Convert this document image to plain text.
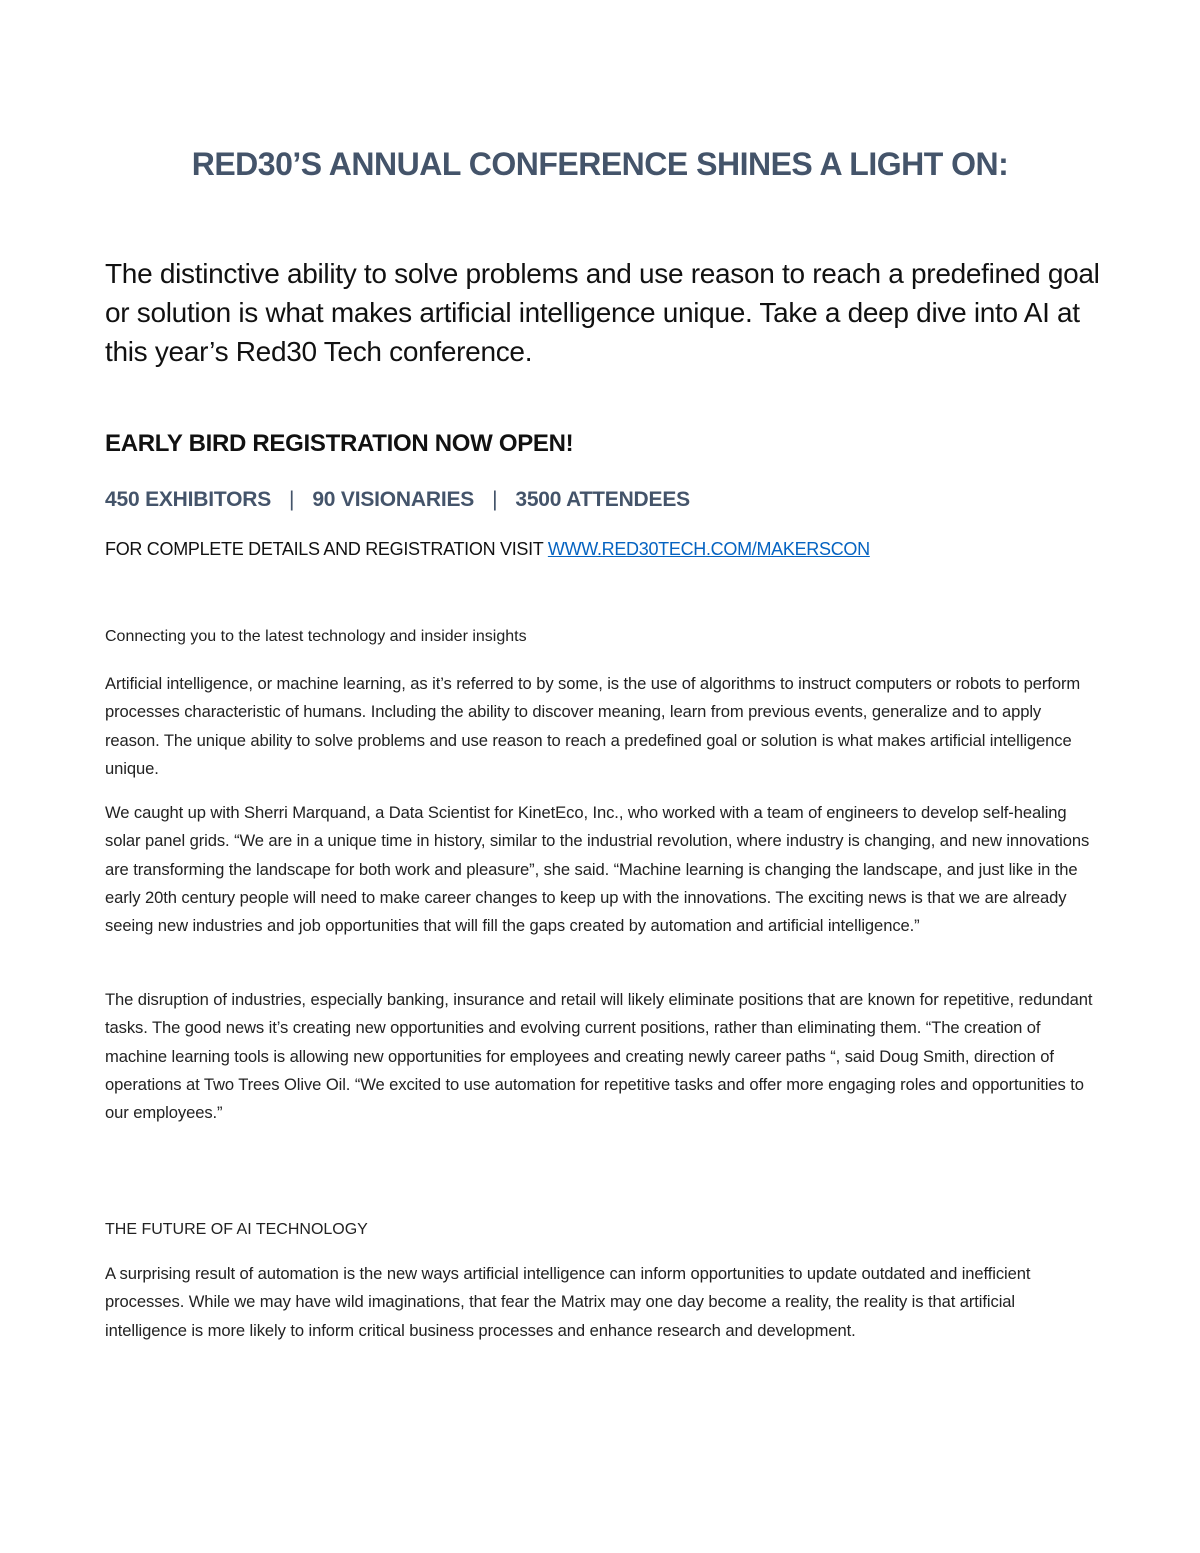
RED30’S ANNUAL CONFERENCE SHINES A LIGHT ON:
The distinctive ability to solve problems and use reason to reach a predefined goal or solution is what makes artificial intelligence unique. Take a deep dive into AI at this year’s Red30 Tech conference.
EARLY BIRD REGISTRATION NOW OPEN!
450 EXHIBITORS | 90 VISIONARIES | 3500 ATTENDEES
FOR COMPLETE DETAILS AND REGISTRATION VISIT WWW.RED30TECH.COM/MAKERSCON
Connecting you to the latest technology and insider insights
Artificial intelligence, or machine learning, as it’s referred to by some, is the use of algorithms to instruct computers or robots to perform processes characteristic of humans. Including the ability to discover meaning, learn from previous events, generalize and to apply reason. The unique ability to solve problems and use reason to reach a predefined goal or solution is what makes artificial intelligence unique.
We caught up with Sherri Marquand, a Data Scientist for KinetEco, Inc., who worked with a team of engineers to develop self-healing solar panel grids. “We are in a unique time in history, similar to the industrial revolution, where industry is changing, and new innovations are transforming the landscape for both work and pleasure”, she said. “Machine learning is changing the landscape, and just like in the early 20th century people will need to make career changes to keep up with the innovations. The exciting news is that we are already seeing new industries and job opportunities that will fill the gaps created by automation and artificial intelligence.”
The disruption of industries, especially banking, insurance and retail will likely eliminate positions that are known for repetitive, redundant tasks. The good news it’s creating new opportunities and evolving current positions, rather than eliminating them. “The creation of machine learning tools is allowing new opportunities for employees and creating newly career paths “, said Doug Smith, direction of operations at Two Trees Olive Oil. “We excited to use automation for repetitive tasks and offer more engaging roles and opportunities to our employees.”
THE FUTURE OF AI TECHNOLOGY
A surprising result of automation is the new ways artificial intelligence can inform opportunities to update outdated and inefficient processes. While we may have wild imaginations, that fear the Matrix may one day become a reality, the reality is that artificial intelligence is more likely to inform critical business processes and enhance research and development.
